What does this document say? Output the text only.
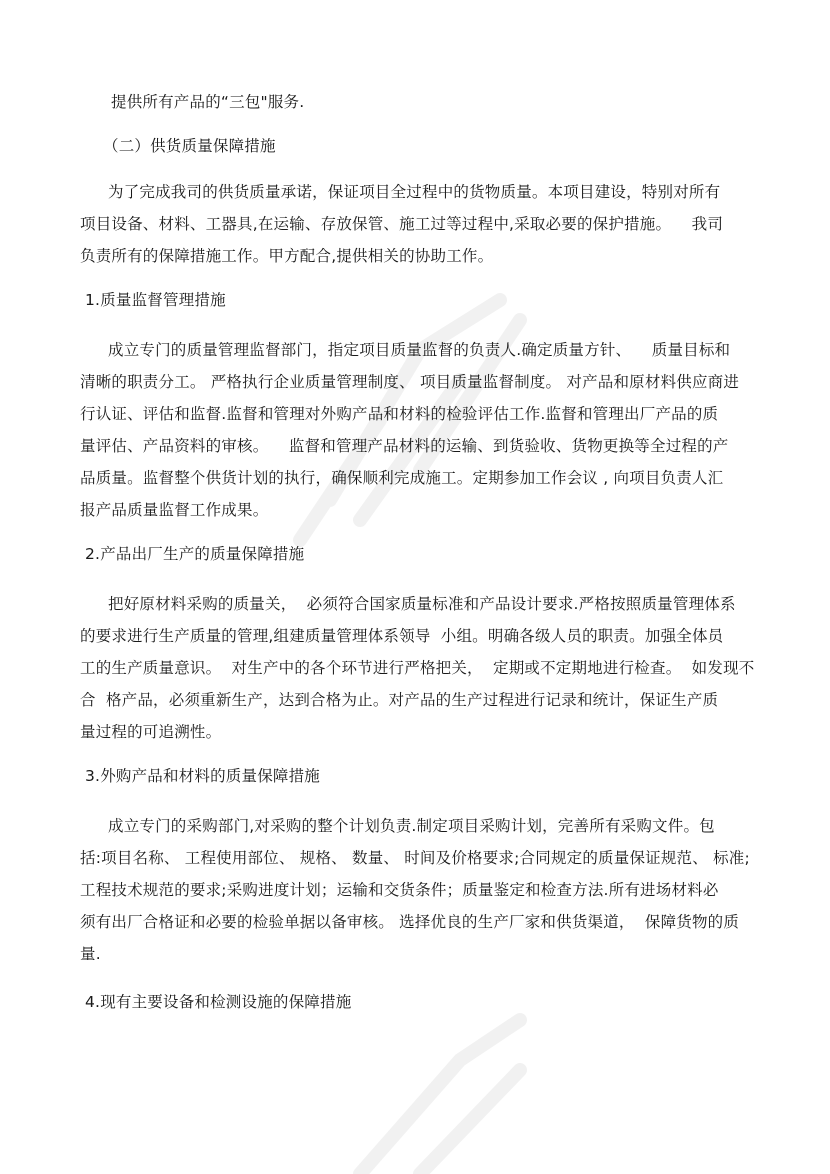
提供所有产品的“三包"服务.
（二）供货质量保障措施
为了完成我司的供货质量承诺，保证项目全过程中的货物质量。本项目建设，特别对所有
项目设备、材料、工器具,在运输、存放保管、施工过等过程中,采取必要的保护措施。    我司
负责所有的保障措施工作。甲方配合,提供相关的协助工作。
1.质量监督管理措施
成立专门的质量管理监督部门，指定项目质量监督的负责人.确定质量方针、    质量目标和
清晰的职责分工。 严格执行企业质量管理制度、 项目质量监督制度。 对产品和原材料供应商进
行认证、评估和监督.监督和管理对外购产品和材料的检验评估工作.监督和管理出厂产品的质
量评估、产品资料的审核。    监督和管理产品材料的运输、到货验收、货物更换等全过程的产
品质量。监督整个供货计划的执行，确保顺利完成施工。定期参加工作会议 , 向项目负责人汇
报产品质量监督工作成果。
2.产品出厂生产的质量保障措施
把好原材料采购的质量关，  必须符合国家质量标准和产品设计要求.严格按照质量管理体系
的要求进行生产质量的管理,组建质量管理体系领导  小组。明确各级人员的职责。加强全体员
工的生产质量意识。  对生产中的各个环节进行严格把关，  定期或不定期地进行检查。  如发现不
合  格产品，必须重新生产，达到合格为止。对产品的生产过程进行记录和统计，保证生产质
量过程的可追溯性。
3.外购产品和材料的质量保障措施
成立专门的采购部门,对采购的整个计划负责.制定项目采购计划，完善所有采购文件。包
括:项目名称、 工程使用部位、 规格、 数量、 时间及价格要求;合同规定的质量保证规范、 标准;
工程技术规范的要求;采购进度计划；运输和交货条件；质量鉴定和检查方法.所有进场材料必
须有出厂合格证和必要的检验单据以备审核。 选择优良的生产厂家和供货渠道，  保障货物的质
量.
4.现有主要设备和检测设施的保障措施
